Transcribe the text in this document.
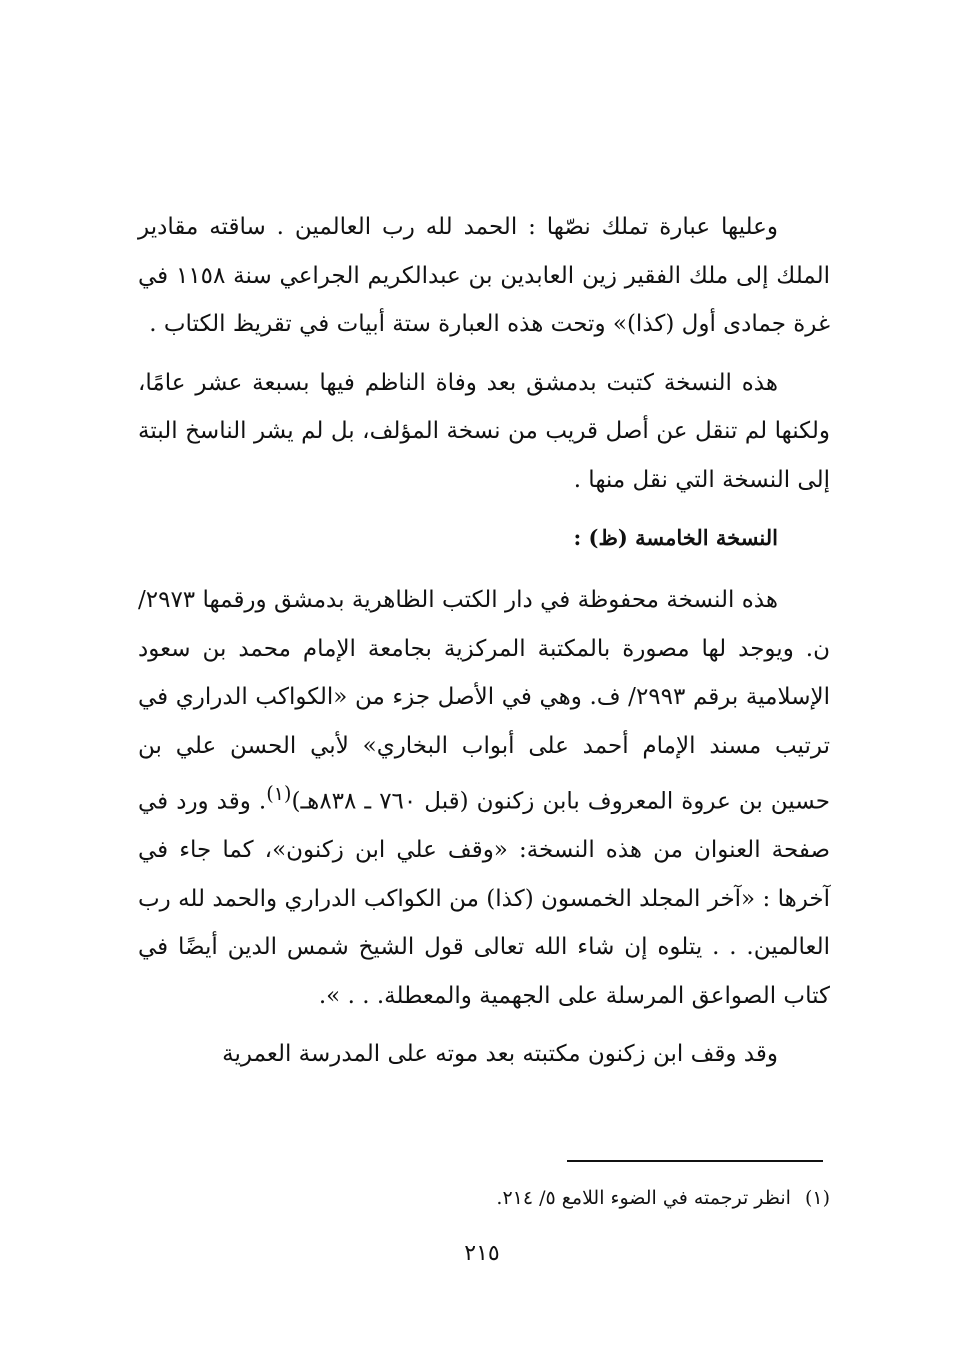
وعليها عبارة تملك نصّها : الحمد لله رب العالمين . ساقته مقادير الملك إلى ملك الفقير زين العابدين بن عبدالكريم الجراعي سنة ١١٥٨ في غرة جمادى أول (كذا)» وتحت هذه العبارة ستة أبيات في تقريظ الكتاب .

هذه النسخة كتبت بدمشق بعد وفاة الناظم فيها بسبعة عشر عامًا، ولكنها لم تنقل عن أصل قريب من نسخة المؤلف، بل لم يشر الناسخ البتة إلى النسخة التي نقل منها .

النسخة الخامسة (ظ) :

هذه النسخة محفوظة في دار الكتب الظاهرية بدمشق ورقمها ٢٩٧٣/ ن. ويوجد لها مصورة بالمكتبة المركزية بجامعة الإمام محمد بن سعود الإسلامية برقم ٢٩٩٣/ ف. وهي في الأصل جزء من «الكواكب الدراري في ترتيب مسند الإمام أحمد على أبواب البخاري» لأبي الحسن علي بن حسين بن عروة المعروف بابن زكنون (قبل ٧٦٠ ـ ٨٣٨هـ)$^{(١)}$. وقد ورد في صفحة العنوان من هذه النسخة: «وقف علي ابن زكنون»، كما جاء في آخرها : «آخر المجلد الخمسون (كذا) من الكواكب الدراري والحمد لله رب العالمين. . . يتلوه إن شاء الله تعالى قول الشيخ شمس الدين أيضًا في كتاب الصواعق المرسلة على الجهمية والمعطلة. . . ».

وقد وقف ابن زكنون مكتبته بعد موته على المدرسة العمرية

(١)انظر ترجمته في الضوء اللامع ٥/ ٢١٤.
٢١٥
